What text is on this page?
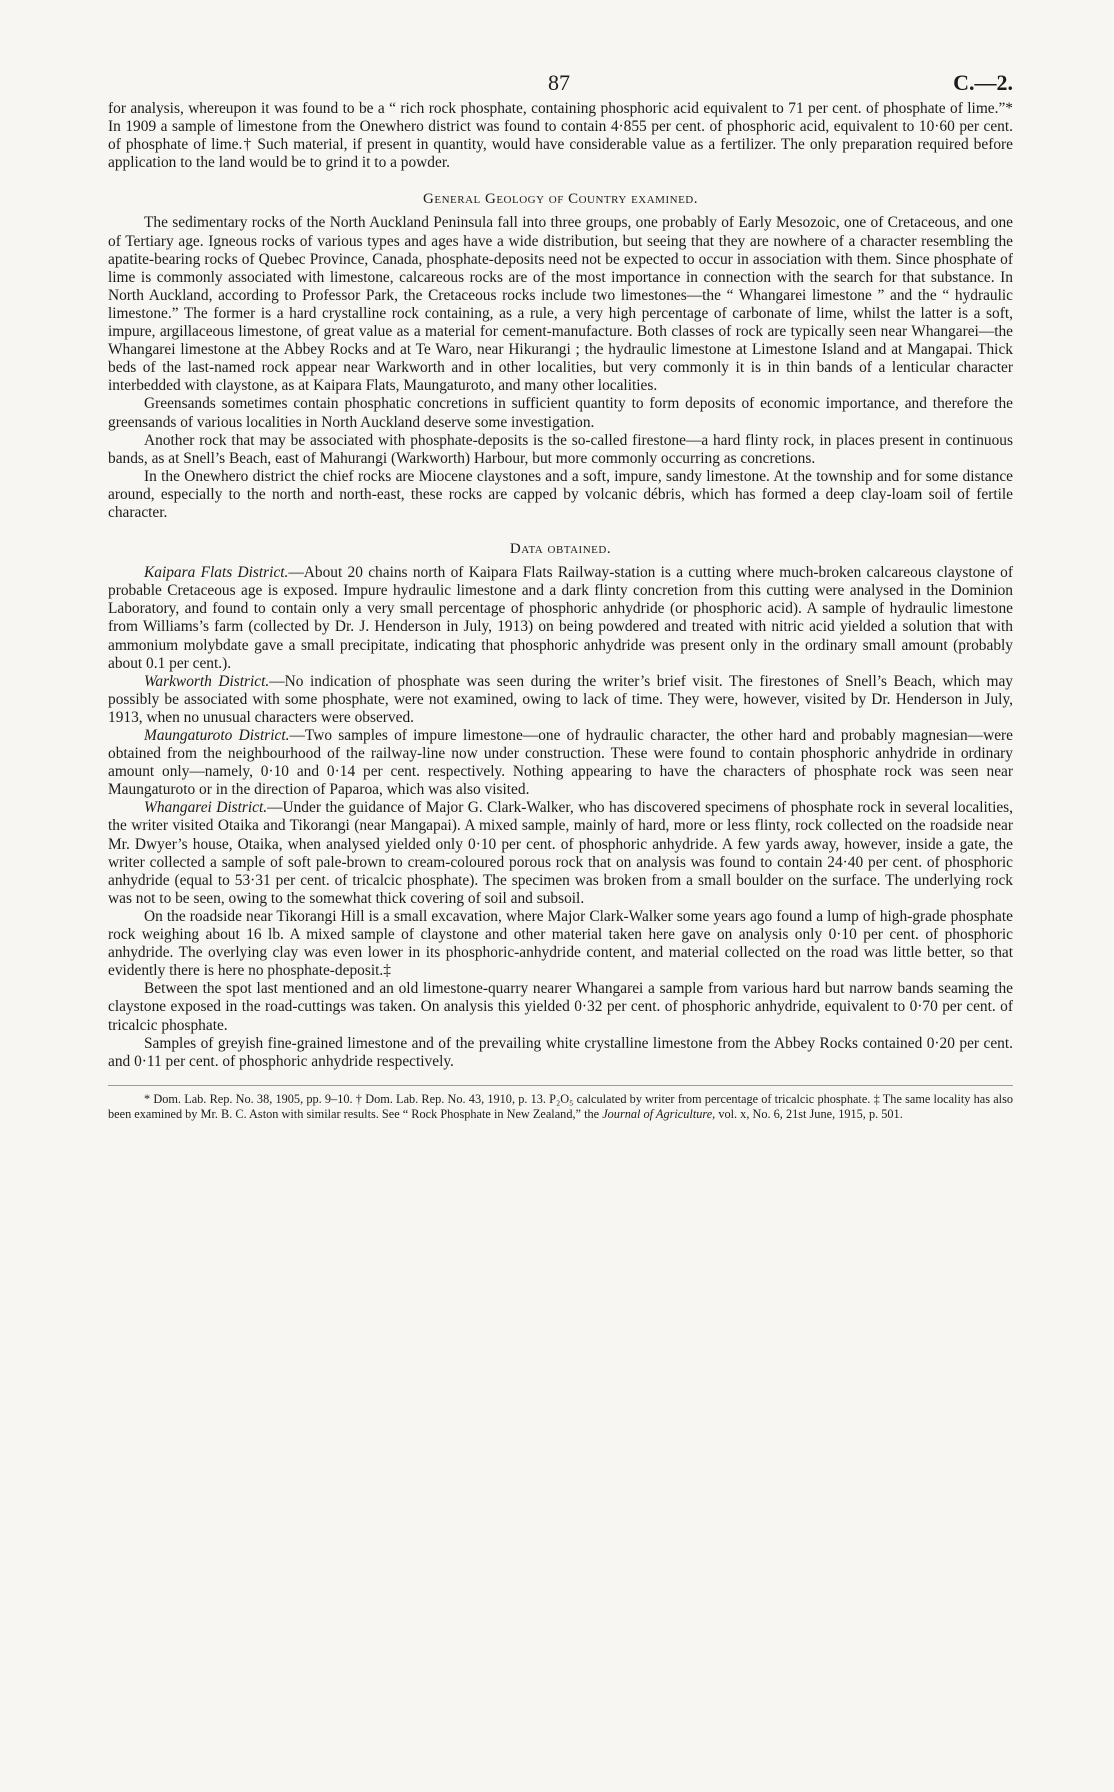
87	C.—2.

for analysis, whereupon it was found to be a “ rich rock phosphate, containing phosphoric acid equivalent to 71 per cent. of phosphate of lime.”* In 1909 a sample of limestone from the Onewhero district was found to contain 4·855 per cent. of phosphoric acid, equivalent to 10·60 per cent. of phosphate of lime.† Such material, if present in quantity, would have considerable value as a fertilizer. The only preparation required before application to the land would be to grind it to a powder.

General Geology of Country examined.

The sedimentary rocks of the North Auckland Peninsula fall into three groups, one probably of Early Mesozoic, one of Cretaceous, and one of Tertiary age. Igneous rocks of various types and ages have a wide distribution, but seeing that they are nowhere of a character resembling the apatite-bearing rocks of Quebec Province, Canada, phosphate-deposits need not be expected to occur in association with them. Since phosphate of lime is commonly associated with limestone, calcareous rocks are of the most importance in connection with the search for that substance. In North Auckland, according to Professor Park, the Cretaceous rocks include two limestones—the “ Whangarei limestone ” and the “ hydraulic limestone.” The former is a hard crystalline rock containing, as a rule, a very high percentage of carbonate of lime, whilst the latter is a soft, impure, argillaceous limestone, of great value as a material for cement-manufacture. Both classes of rock are typically seen near Whangarei—the Whangarei limestone at the Abbey Rocks and at Te Waro, near Hikurangi ; the hydraulic limestone at Limestone Island and at Mangapai. Thick beds of the last-named rock appear near Warkworth and in other localities, but very commonly it is in thin bands of a lenticular character interbedded with claystone, as at Kaipara Flats, Maungaturoto, and many other localities.

Greensands sometimes contain phosphatic concretions in sufficient quantity to form deposits of economic importance, and therefore the greensands of various localities in North Auckland deserve some investigation.

Another rock that may be associated with phosphate-deposits is the so-called firestone—a hard flinty rock, in places present in continuous bands, as at Snell’s Beach, east of Mahurangi (Warkworth) Harbour, but more commonly occurring as concretions.

In the Onewhero district the chief rocks are Miocene claystones and a soft, impure, sandy limestone. At the township and for some distance around, especially to the north and north-east, these rocks are capped by volcanic débris, which has formed a deep clay-loam soil of fertile character.

Data obtained.

Kaipara Flats District.—About 20 chains north of Kaipara Flats Railway-station is a cutting where much-broken calcareous claystone of probable Cretaceous age is exposed. Impure hydraulic limestone and a dark flinty concretion from this cutting were analysed in the Dominion Laboratory, and found to contain only a very small percentage of phosphoric anhydride (or phosphoric acid). A sample of hydraulic limestone from Williams’s farm (collected by Dr. J. Henderson in July, 1913) on being powdered and treated with nitric acid yielded a solution that with ammonium molybdate gave a small precipitate, indicating that phosphoric anhydride was present only in the ordinary small amount (probably about 0.1 per cent.).

Warkworth District.—No indication of phosphate was seen during the writer’s brief visit. The firestones of Snell’s Beach, which may possibly be associated with some phosphate, were not examined, owing to lack of time. They were, however, visited by Dr. Henderson in July, 1913, when no unusual characters were observed.

Maungaturoto District.—Two samples of impure limestone—one of hydraulic character, the other hard and probably magnesian—were obtained from the neighbourhood of the railway-line now under construction. These were found to contain phosphoric anhydride in ordinary amount only—namely, 0·10 and 0·14 per cent. respectively. Nothing appearing to have the characters of phosphate rock was seen near Maungaturoto or in the direction of Paparoa, which was also visited.

Whangarei District.—Under the guidance of Major G. Clark-Walker, who has discovered specimens of phosphate rock in several localities, the writer visited Otaika and Tikorangi (near Mangapai). A mixed sample, mainly of hard, more or less flinty, rock collected on the roadside near Mr. Dwyer’s house, Otaika, when analysed yielded only 0·10 per cent. of phosphoric anhydride. A few yards away, however, inside a gate, the writer collected a sample of soft pale-brown to cream-coloured porous rock that on analysis was found to contain 24·40 per cent. of phosphoric anhydride (equal to 53·31 per cent. of tricalcic phosphate). The specimen was broken from a small boulder on the surface. The underlying rock was not to be seen, owing to the somewhat thick covering of soil and subsoil.

On the roadside near Tikorangi Hill is a small excavation, where Major Clark-Walker some years ago found a lump of high-grade phosphate rock weighing about 16 lb. A mixed sample of claystone and other material taken here gave on analysis only 0·10 per cent. of phosphoric anhydride. The overlying clay was even lower in its phosphoric-anhydride content, and material collected on the road was little better, so that evidently there is here no phosphate-deposit.‡

Between the spot last mentioned and an old limestone-quarry nearer Whangarei a sample from various hard but narrow bands seaming the claystone exposed in the road-cuttings was taken. On analysis this yielded 0·32 per cent. of phosphoric anhydride, equivalent to 0·70 per cent. of tricalcic phosphate.

Samples of greyish fine-grained limestone and of the prevailing white crystalline limestone from the Abbey Rocks contained 0·20 per cent. and 0·11 per cent. of phosphoric anhydride respectively.

* Dom. Lab. Rep. No. 38, 1905, pp. 9–10. † Dom. Lab. Rep. No. 43, 1910, p. 13. P₂O₅ calculated by writer from percentage of tricalcic phosphate. ‡ The same locality has also been examined by Mr. B. C. Aston with similar results. See “ Rock Phosphate in New Zealand,” the Journal of Agriculture, vol. x, No. 6, 21st June, 1915, p. 501.
